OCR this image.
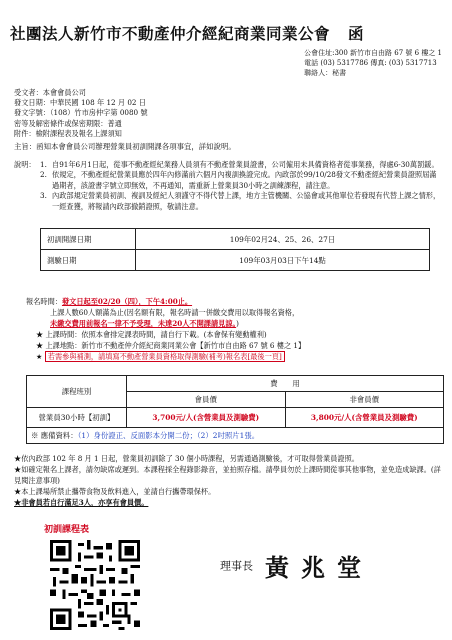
社團法人新竹市不動產仲介經紀商業同業公會 函
公會住址:300 新竹市自由路 67 號 6 樓之 1
電話 (03) 5317786 傳真: (03) 5317713
聯絡人：秘書
受文者：本會會員公司
發文日期：中華民國 108 年 12 月 02 日
發文字號：（108）竹市房仲字第 0080 號
密等及解密條件或保密期限：普通
附件：檢附課程表及報名上課須知
主旨：函知本會會員公司辦理營業員初訓開課各項事宜，詳如說明。
說明： 1. 自91年6月1日起，從事不動產經紀業務人員須有不動產營業員證書，公司僱用未具備資格者從事業務，得處6-30萬罰鍰。
2. 依規定，不動產經紀營業員應於四年內修滿前六個月內複訓換證完成。內政部於99/10/28發文不動產經紀營業員證照屆滿過期者，該證書字號立即無效，不再通知，需重新上營業員30小時之訓練課程，請注意。
3. 內政部規定營業員初訓、複訓及經紀人須謹守不得代替上課，地方主管機關、公協會或其他單位若發現有代替上課之情形，一經查獲，將報請內政部撤銷證照，敬請注意。
初訓開課日期	109年02月24、25、26、27日
測驗日期	109年03月03日下午14點
報名時間：發文日起至02/20（四），下午4:00止。
上課人數60人額滿為止(因名額有限，報名時請一併繳交費用以取得報名資格，
未繳交費用前報名一律不予受理，未達20人不開課請見諒。)
★ 上課時間：依照本會排定課表時間，請自行下載。(本會保有變動權利)
★ 上課地點：新竹市不動產仲介經紀商業同業公會【新竹市自由路 67 號 6 樓之 1】
★ 若需參與補測，請填寫不動產營業員資格取得測驗(補考)報名表[最後一頁]
課程班別	費　　用	
	會員價	非會員價
營業員30小時【初訓】	3,700元/人(含營業員及測驗費)	3,800元/人(含營業員及測驗費)
※ 應備資料：（1）身份證正、反面影本分開二份；（2）2吋照片1張。		
★依內政部 102 年 8 月 1 日起，營業員初訓除了 30 個小時課程，另需通過測驗後，才可取得營業員證照。
★如確定報名上課者，請勿缺席或遲到。本課程採全程錄影錄音，並拍照存檔。請學員勿於上課時間從事其他事物，並免造成缺課。(詳見閱注意事項)
★本上課場所禁止攜帶食物及飲料進入，並請自行攜帶環保杯。
★非會員若自行滿足3人，亦享有會員價。
初訓課程表
理事長 黃兆堂
